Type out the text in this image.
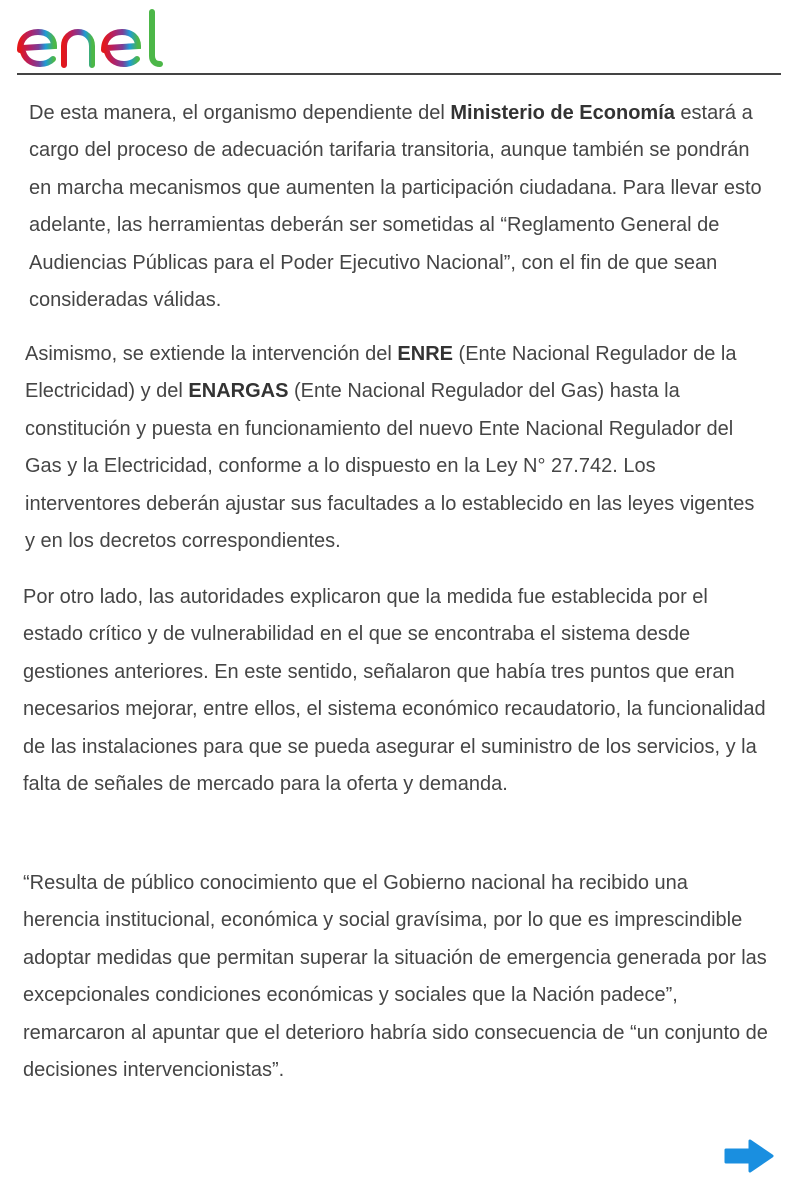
De esta manera, el organismo dependiente del Ministerio de Economía estará a cargo del proceso de adecuación tarifaria transitoria, aunque también se pondrán en marcha mecanismos que aumenten la participación ciudadana. Para llevar esto adelante, las herramientas deberán ser sometidas al “Reglamento General de Audiencias Públicas para el Poder Ejecutivo Nacional”, con el fin de que sean consideradas válidas.

Asimismo, se extiende la intervención del ENRE (Ente Nacional Regulador de la Electricidad) y del ENARGAS (Ente Nacional Regulador del Gas) hasta la constitución y puesta en funcionamiento del nuevo Ente Nacional Regulador del Gas y la Electricidad, conforme a lo dispuesto en la Ley N° 27.742. Los interventores deberán ajustar sus facultades a lo establecido en las leyes vigentes y en los decretos correspondientes.

Por otro lado, las autoridades explicaron que la medida fue establecida por el estado crítico y de vulnerabilidad en el que se encontraba el sistema desde gestiones anteriores. En este sentido, señalaron que había tres puntos que eran necesarios mejorar, entre ellos, el sistema económico recaudatorio, la funcionalidad de las instalaciones para que se pueda asegurar el suministro de los servicios, y la falta de señales de mercado para la oferta y demanda.

“Resulta de público conocimiento que el Gobierno nacional ha recibido una herencia institucional, económica y social gravísima, por lo que es imprescindible adoptar medidas que permitan superar la situación de emergencia generada por las excepcionales condiciones económicas y sociales que la Nación padece”, remarcaron al apuntar que el deterioro habría sido consecuencia de “un conjunto de decisiones intervencionistas”.
